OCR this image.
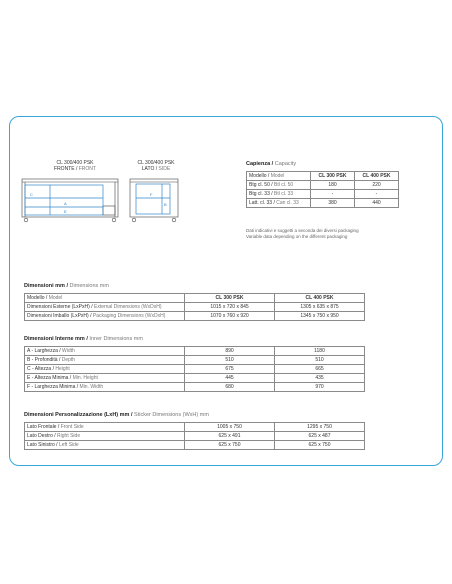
CL 300/400 PSK
FRONTE / FRONT
C
A
E
CL 300/400 PSK
LATO / SIDE
F
B
Capienza / Capacity
Modello / Model	CL 300 PSK	CL 400 PSK
Btg cl. 50 / Btl cl. 50	180	220
Btg cl. 33 / Btl cl. 33	-	-
Latt. cl. 33 / Can cl. 33	380	440
Dati indicativi e soggetti a seconda dei diversi packaging
Variable data depending on the different packaging
Dimensioni mm / Dimensions mm
Modello / Model	CL 300 PSK	CL 400 PSK
Dimensioni Esterne (LxPxH) / External Dimensions (WxDxH)	1015 x 720 x 845	1305 x 635 x 875
Dimensioni Imballo (LxPxH) / Packaging Dimensions (WxDxH)	1070 x 760 x 920	1345 x 750 x 950
Dimensioni Interne mm / Inner Dimensions mm
A - Larghezza / Width	890	1180
B - Profondità / Depth	510	510
C - Altezza / Height	675	665
E - Altezza Minima / Min. Height	445	435
F - Larghezza Minima / Min. Width	680	970
Dimensioni Personalizzazione (LxH) mm / Sticker Dimensions (WxH) mm
Lato Frontale / Front Side	1005 x 750	1295 x 750
Lato Destro / Right Side	625 x 491	625 x 487
Lato Sinistro / Left Side	625 x 750	625 x 750
